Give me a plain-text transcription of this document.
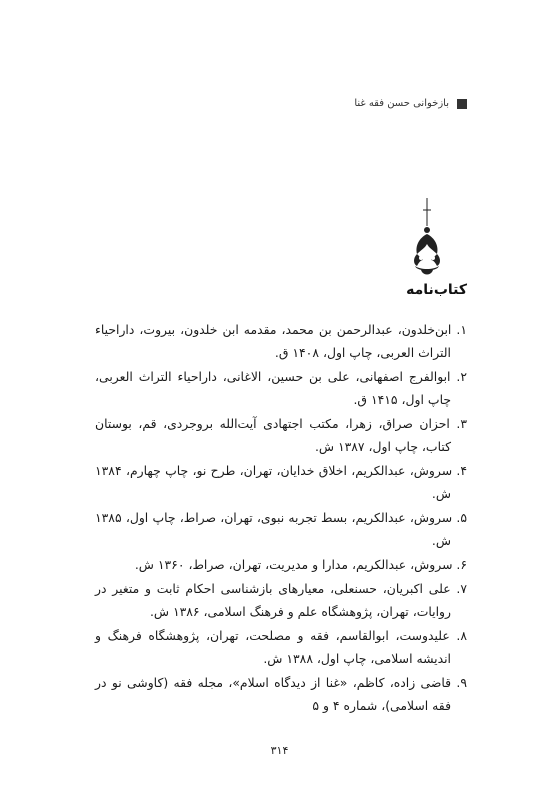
بازخوانی حسن فقه غنا
کتاب‌نامه
۱. ابن‌خلدون، عبدالرحمن بن محمد، مقدمه ابن خلدون، بیروت، داراحیاء التراث العربی، چاپ اول، ۱۴۰۸ ق.
۲. ابوالفرج اصفهانی، علی بن حسین، الاغانی، داراحیاء التراث العربی، چاپ اول، ۱۴۱۵ ق.
۳. احزان صراق، زهرا، مکتب اجتهادی آیت‌الله بروجردی، قم، بوستان کتاب، چاپ اول، ۱۳۸۷ ش.
۴. سروش، عبدالکریم، اخلاق خدایان، تهران، طرح نو، چاپ چهارم، ۱۳۸۴ ش.
۵. سروش، عبدالکریم، بسط تجربه نبوی، تهران، صراط، چاپ اول، ۱۳۸۵ ش.
۶. سروش، عبدالکریم، مدارا و مدیریت، تهران، صراط، ۱۳۶۰ ش.
۷. علی اکبریان، حسنعلی، معیارهای بازشناسی احکام ثابت و متغیر در روایات، تهران، پژوهشگاه علم و فرهنگ اسلامی، ۱۳۸۶ ش.
۸. علیدوست، ابوالقاسم، فقه و مصلحت، تهران، پژوهشگاه فرهنگ و اندیشه اسلامی، چاپ اول، ۱۳۸۸ ش.
۹. قاضی زاده، کاظم، «غنا از دیدگاه اسلام»، مجله فقه (کاوشی نو در فقه اسلامی)، شماره ۴ و ۵
۳۱۴
